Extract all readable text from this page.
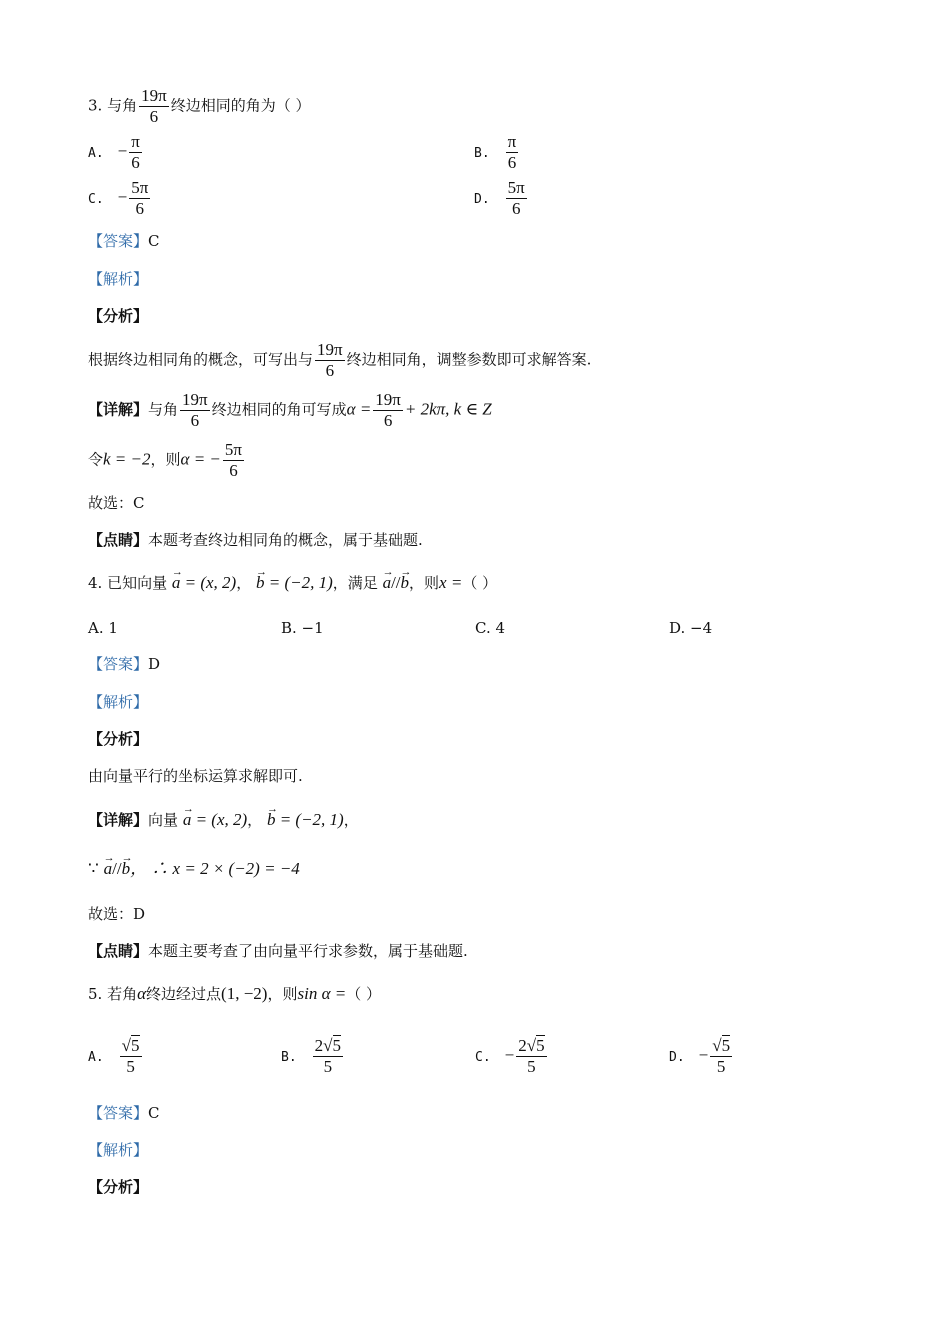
3. 与角 $\frac{19\pi}{6}$ 终边相同的角为（ ）
A. − $\frac{\pi}{6}$	B. $\frac{\pi}{6}$
C. − $\frac{5\pi}{6}$	D. $\frac{5\pi}{6}$
【答案】C
【解析】
【分析】
根据终边相同角的概念，可写出与 $\frac{19\pi}{6}$ 终边相同角，调整参数即可求解答案.
【详解】与角 $\frac{19\pi}{6}$ 终边相同的角可写成$\alpha = \frac{19\pi}{6} + 2k\pi$, k ∈ Z
令k = −2，则α = − $\frac{5\pi}{6}$
故选：C
【点睛】本题考查终边相同角的概念，属于基础题.
4. 已知向量 → a = (x, 2)， → b = (−2, 1)，满足 → a//→ b，则x =（ ）
A. 1	B. −1	C. 4	D. −4
【答案】D
【解析】
【分析】
由向量平行的坐标运算求解即可.
【详解】向量 → a = (x, 2)， → b = (−2, 1)，
∵ → a//→ b， ∴ x = 2 × (−2) = −4
故选：D
【点睛】本题主要考查了由向量平行求参数，属于基础题.
5. 若角α终边经过点(1, −2)，则sin α =（ ）
A. $\frac{√5}{5}$	B. $\frac{2√5}{5}$	C. − $\frac{2√5}{5}$	D. − $\frac{√5}{5}$
【答案】C
【解析】
【分析】
